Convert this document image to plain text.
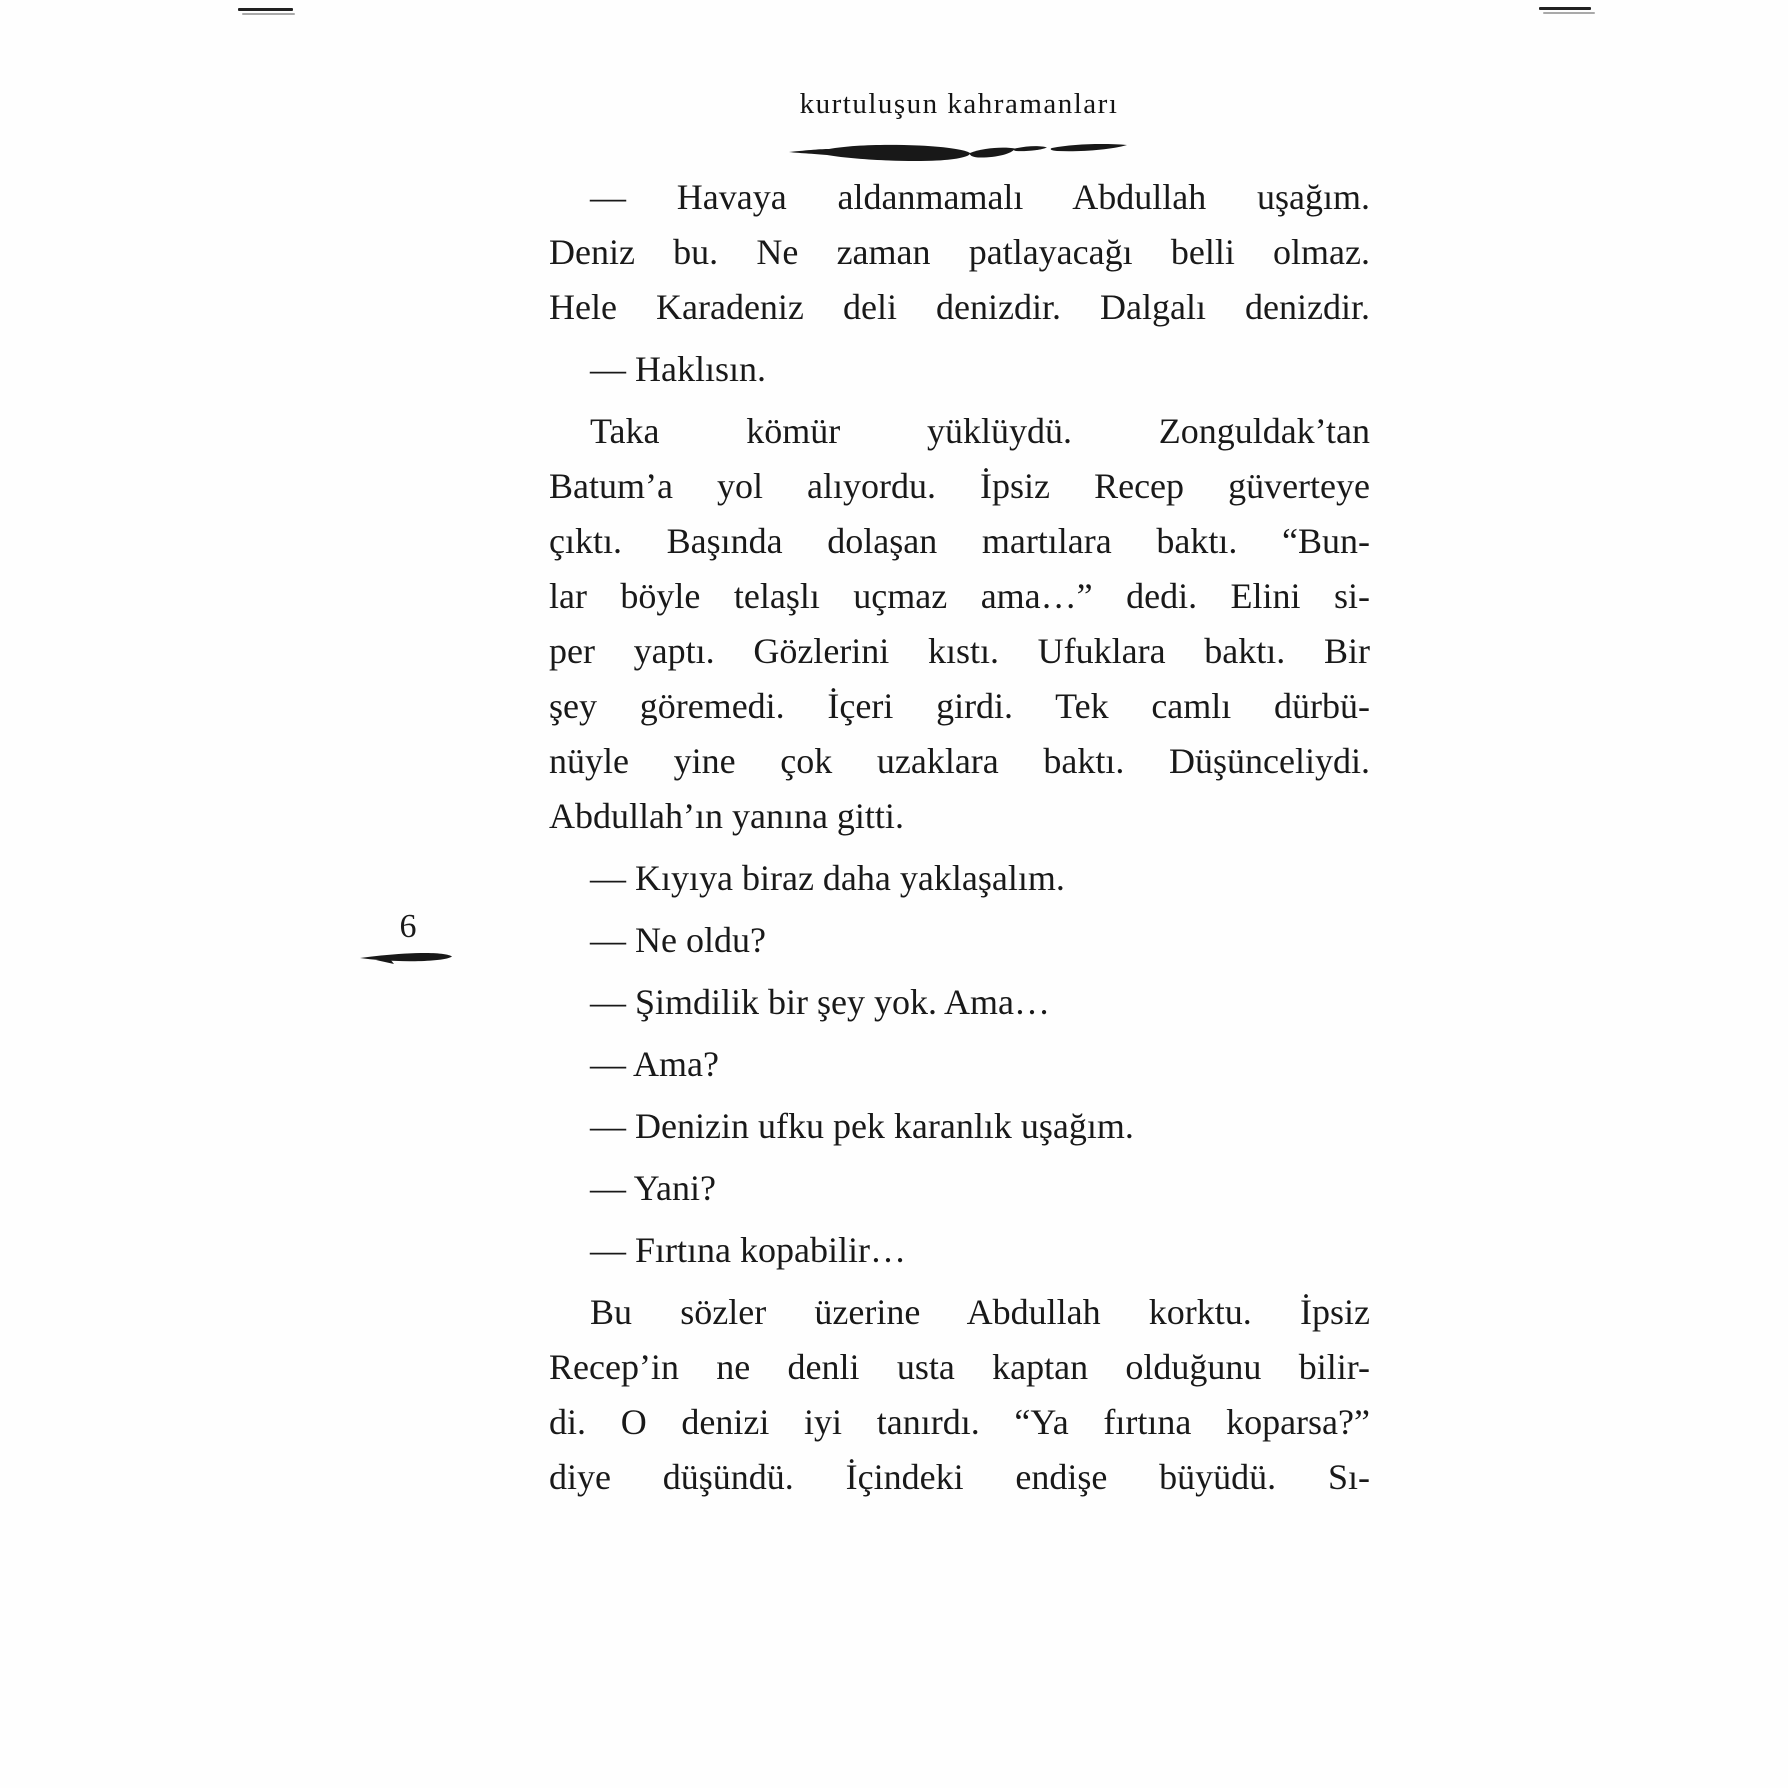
kurtuluşun kahramanları
6
— Havaya aldanmamalı Abdullah uşağım.
Deniz bu. Ne zaman patlayacağı belli olmaz.
Hele Karadeniz deli denizdir. Dalgalı denizdir.
— Haklısın.
Taka kömür yüklüydü. Zonguldak’tan
Batum’a yol alıyordu. İpsiz Recep güverteye
çıktı. Başında dolaşan martılara baktı. “Bun-
lar böyle telaşlı uçmaz ama…” dedi. Elini si-
per yaptı. Gözlerini kıstı. Ufuklara baktı. Bir
şey göremedi. İçeri girdi. Tek camlı dürbü-
nüyle yine çok uzaklara baktı. Düşünceliydi.
Abdullah’ın yanına gitti.
— Kıyıya biraz daha yaklaşalım.
— Ne oldu?
— Şimdilik bir şey yok. Ama…
— Ama?
— Denizin ufku pek karanlık uşağım.
— Yani?
— Fırtına kopabilir…
Bu sözler üzerine Abdullah korktu. İpsiz
Recep’in ne denli usta kaptan olduğunu bilir-
di. O denizi iyi tanırdı. “Ya fırtına koparsa?”
diye düşündü. İçindeki endişe büyüdü. Sı-
